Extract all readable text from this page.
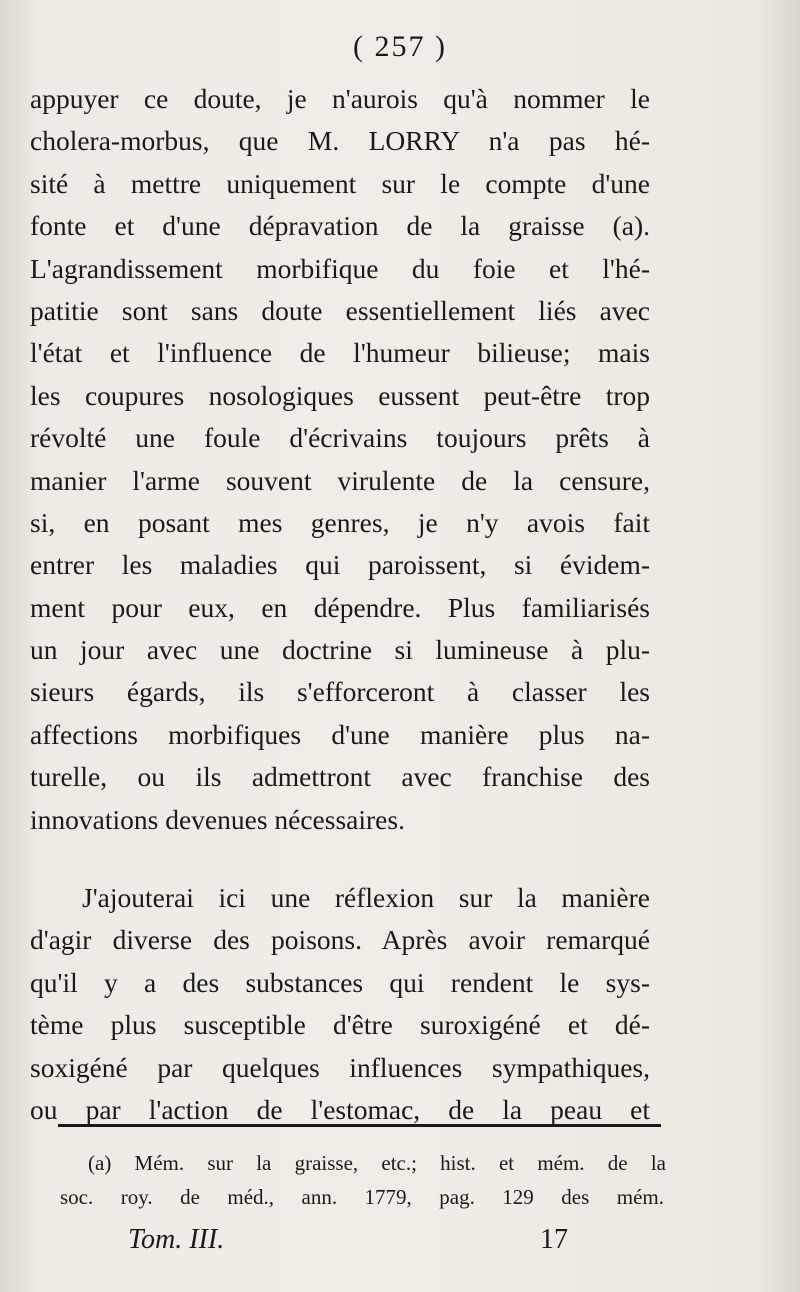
( 257 )
appuyer ce doute, je n'aurois qu'à nommer le
cholera-morbus, que M. LORRY n'a pas hé-
sité à mettre uniquement sur le compte d'une
fonte et d'une dépravation de la graisse (a).
L'agrandissement morbifique du foie et l'hé-
patitie sont sans doute essentiellement liés avec
l'état et l'influence de l'humeur bilieuse; mais
les coupures nosologiques eussent peut-être trop
révolté une foule d'écrivains toujours prêts à
manier l'arme souvent virulente de la censure,
si, en posant mes genres, je n'y avois fait
entrer les maladies qui paroissent, si évidem-
ment pour eux, en dépendre. Plus familiarisés
un jour avec une doctrine si lumineuse à plu-
sieurs égards, ils s'efforceront à classer les
affections morbifiques d'une manière plus na-
turelle, ou ils admettront avec franchise des
innovations devenues nécessaires.
J'ajouterai ici une réflexion sur la manière
d'agir diverse des poisons. Après avoir remarqué
qu'il y a des substances qui rendent le sys-
tème plus susceptible d'être suroxigéné et dé-
soxigéné par quelques influences sympathiques,
ou par l'action de l'estomac, de la peau et
(a) Mém. sur la graisse, etc.; hist. et mém. de la
soc. roy. de méd., ann. 1779, pag. 129 des mém.
Tom. III.	17
